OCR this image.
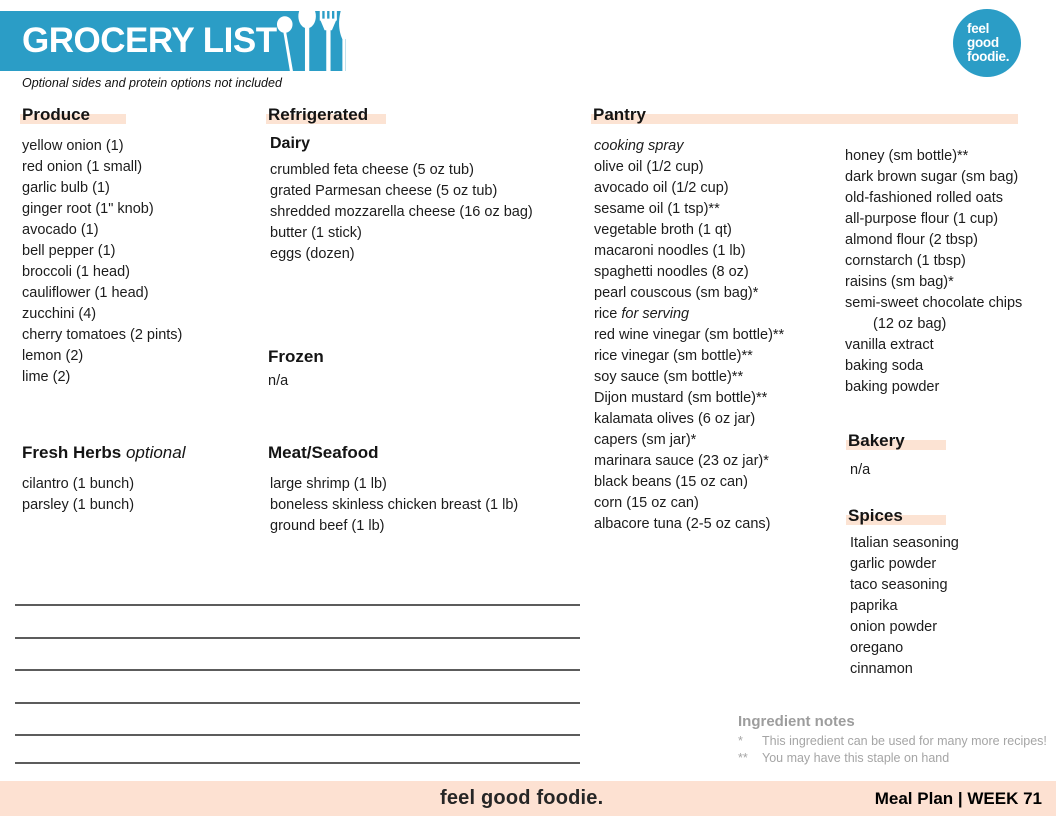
GROCERY LIST	feel
good
foodie.
Optional sides and protein options not included
Produce
yellow onion (1)
red onion (1 small)
garlic bulb (1)
ginger root (1" knob)
avocado (1)
bell pepper (1)
broccoli (1 head)
cauliflower (1 head)
zucchini (4)
cherry tomatoes (2 pints)
lemon (2)
lime (2)
Fresh Herbs optional
cilantro (1 bunch)
parsley (1 bunch)
Refrigerated
Dairy
crumbled feta cheese (5 oz tub)
grated Parmesan cheese (5 oz tub)
shredded mozzarella cheese (16 oz bag)
butter (1 stick)
eggs (dozen)
Frozen
n/a
Meat/Seafood
large shrimp (1 lb)
boneless skinless chicken breast (1 lb)
ground beef (1 lb)
Pantry
cooking spray
olive oil (1/2 cup)
avocado oil (1/2 cup)
sesame oil (1 tsp)**
vegetable broth (1 qt)
macaroni noodles (1 lb)
spaghetti noodles (8 oz)
pearl couscous (sm bag)*
rice for serving
red wine vinegar (sm bottle)**
rice vinegar (sm bottle)**
soy sauce (sm bottle)**
Dijon mustard (sm bottle)**
kalamata olives (6 oz jar)
capers (sm jar)*
marinara sauce (23 oz jar)*
black beans (15 oz can)
corn (15 oz can)
albacore tuna (2-5 oz cans)
honey (sm bottle)**
dark brown sugar (sm bag)
old-fashioned rolled oats
all-purpose flour (1 cup)
almond flour (2 tbsp)
cornstarch (1 tbsp)
raisins (sm bag)*
semi-sweet chocolate chips
(12 oz bag)
vanilla extract
baking soda
baking powder
Bakery
n/a
Spices
Italian seasoning
garlic powder
taco seasoning
paprika
onion powder
oregano
cinnamon
Ingredient notes
*	This ingredient can be used for many more recipes!
**	You may have this staple on hand
feel good foodie.	Meal Plan | WEEK 71
